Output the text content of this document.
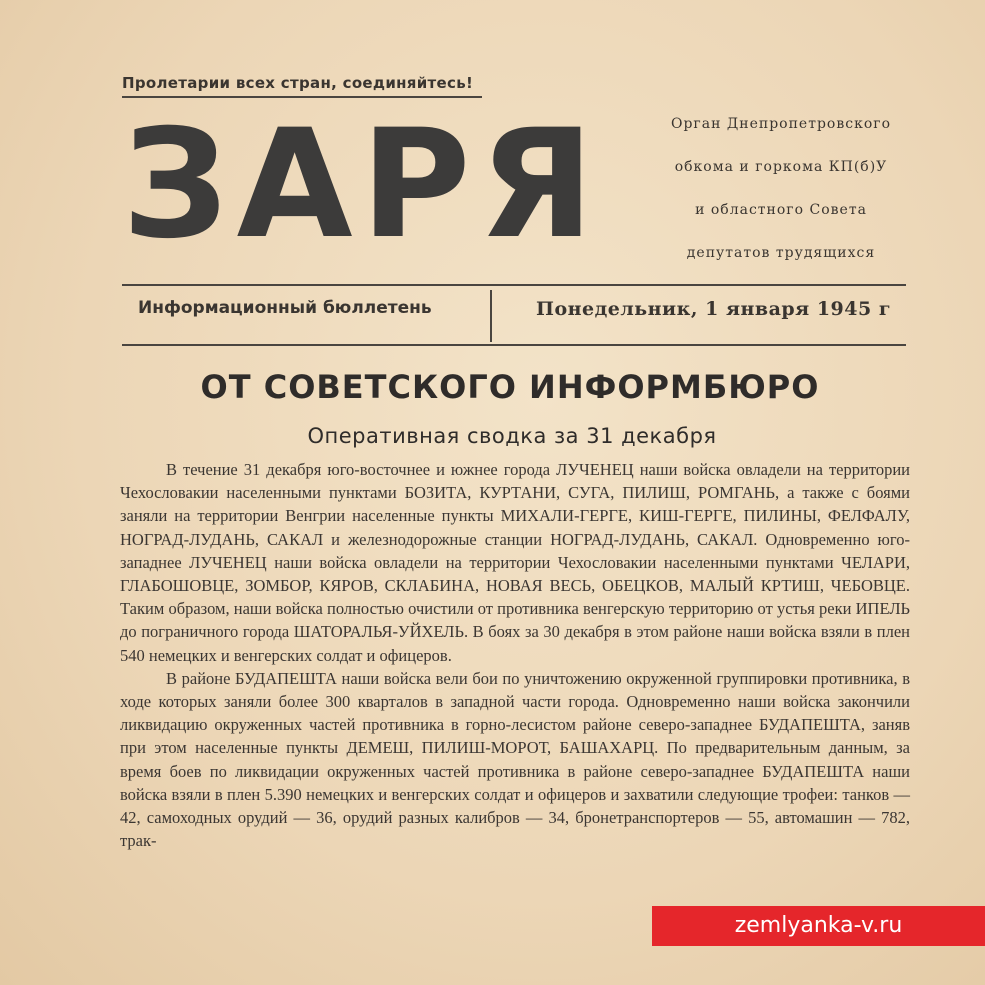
Пролетарии всех стран, соединяйтесь!
ЗАРЯ	Орган Днепропетровского
обкома и горкома КП(б)У
и областного Совета
депутатов трудящихся
Информационный бюллетень	Понедельник, 1 января 1945 г
ОТ СОВЕТСКОГО ИНФОРМБЮРО
Оперативная сводка за 31 декабря

В течение 31 декабря юго-восточнее и южнее города ЛУЧЕНЕЦ наши войска овладели на территории Чехословакии населенными пунктами БОЗИТА, КУРТАНИ, СУГА, ПИЛИШ, РОМГАНЬ, а также с боями заняли на территории Венгрии населенные пункты МИХАЛИ-ГЕРГЕ, КИШ-ГЕРГЕ, ПИЛИНЫ, ФЕЛФАЛУ, НОГРАД-ЛУДАНЬ, САКАЛ и железнодорожные станции НОГРАД-ЛУДАНЬ, САКАЛ. Одновременно юго-западнее ЛУЧЕНЕЦ наши войска овладели на территории Чехословакии населенными пунктами ЧЕЛАРИ, ГЛАБОШОВЦЕ, ЗОМБОР, КЯРОВ, СКЛАБИНА, НОВАЯ ВЕСЬ, ОБЕЦКОВ, МАЛЫЙ КРТИШ, ЧЕБОВЦЕ. Таким образом, наши войска полностью очистили от противника венгерскую территорию от устья реки ИПЕЛЬ до пограничного города ШАТОРАЛЬЯ-УЙХЕЛЬ. В боях за 30 декабря в этом районе наши войска взяли в плен 540 немецких и венгерских солдат и офицеров.

В районе БУДАПЕШТА наши войска вели бои по уничтожению окруженной группировки противника, в ходе которых заняли более 300 кварталов в западной части города. Одновременно наши войска закончили ликвидацию окруженных частей противника в горно-лесистом районе северо-западнее БУДАПЕШТА, заняв при этом населенные пункты ДЕМЕШ, ПИЛИШ-МОРОТ, БАШАХАРЦ. По предварительным данным, за время боев по ликвидации окруженных частей противника в районе северо-западнее БУДАПЕШТА наши войска взяли в плен 5.390 немецких и венгерских солдат и офицеров и захватили следующие трофеи: танков — 42, самоходных орудий — 36, орудий разных калибров — 34, бронетранспортеров — 55, автомашин — 782, трак-

zemlyanka-v.ru
